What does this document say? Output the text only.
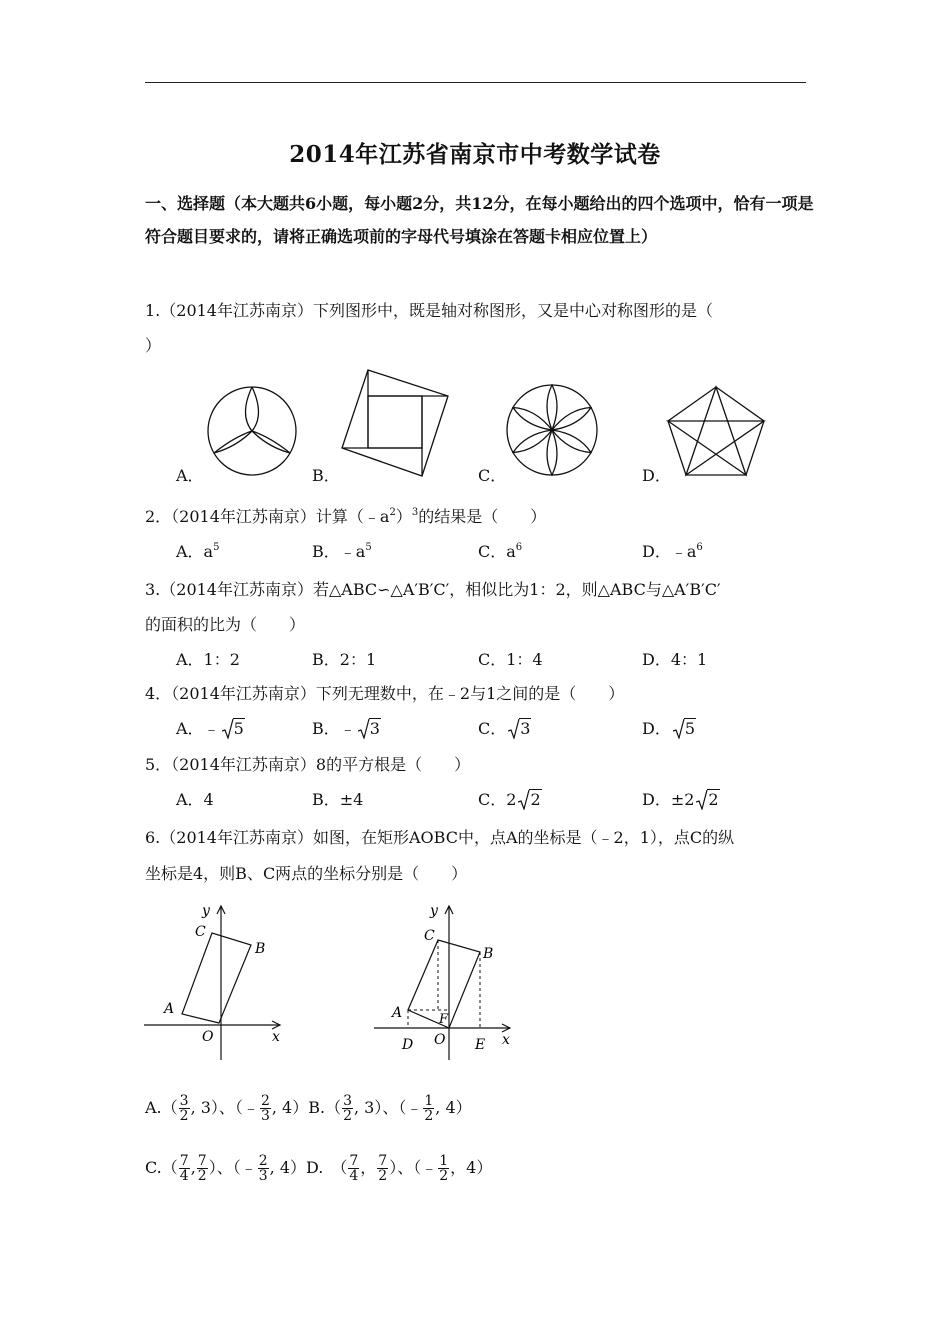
2014年江苏省南京市中考数学试卷
一、选择题（本大题共6小题，每小题2分，共12分，在每小题给出的四个选项中，恰有一项是符合题目要求的，请将正确选项前的字母代号填涂在答题卡相应位置上）
1.（2014年江苏南京）下列图形中，既是轴对称图形，又是中心对称图形的是（
）
A．	B．	C．	D．
2．（2014年江苏南京）计算$(﹣a^2)^3$的结果是（　　）
A．$a^5$	B．$﹣a^5$	C．$a^6$	D．$﹣a^6$
3.（2014年江苏南京）若△ABC∽△A′B′C′，相似比为1：2，则△ABC与△A′B′C′
的面积的比为（　　）
A．1：2	B．2：1	C．1：4	D．4：1
4．（2014年江苏南京）下列无理数中，在﹣2与1之间的是（　　）
A．﹣ 5	B．﹣ 3	C． 3	D． 5
5．（2014年江苏南京）8的平方根是（　　）
A．4	B．±4	C．2 2	D．±2 2
6.（2014年江苏南京）如图，在矩形AOBC中，点A的坐标是（﹣2，1），点C的纵
坐标是4，则B、C两点的坐标分别是（　　）
y
x
C
B
A
O
y
x
C
B
A
O
F
D	E
$A.( \frac{3}{2}$ , 3）、（﹣ $\frac{2}{3}$ , $4)B.( \frac{3}{2}$ , 3）、（﹣ $\frac{1}{2}$ , 4）
$C.( \frac{7}{4}$ , $\frac{7}{2}$ ）、（﹣ $\frac{2}{3}$ , 4）D.　（ $\frac{7}{4}$ ， $\frac{7}{2}$ ）、（﹣ $\frac{1}{2}$ ，4）
